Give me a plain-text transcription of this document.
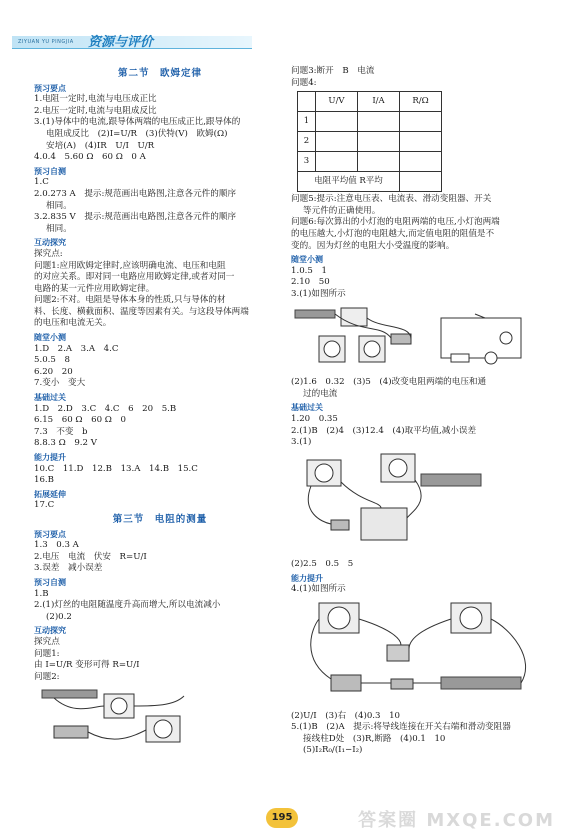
ZIYUAN YU PINGJIA 资源与评价
第二节　欧姆定律
预习要点
1.电阻一定时,电流与电压成正比
2.电压一定时,电流与电阻成反比
3.(1)导体中的电流,跟导体两端的电压成正比,跟导体的
电阻成反比　(2)I=U/R　(3)伏特(V)　欧姆(Ω)
安培(A)　(4)IR　U/I　U/R
4.0.4　5.60 Ω　60 Ω　0 A
预习自测
1.C
2.0.273 A　提示:规范画出电路图,注意各元件的顺序
相同。
3.2.835 V　提示:规范画出电路图,注意各元件的顺序
相同。
互动探究
探究点:
问题1:应用欧姆定律时,应该明确电流、电压和电阻
的对应关系。即对同一电路应用欧姆定律,或者对同一
电路的某一元件应用欧姆定律。
问题2:不对。电阻是导体本身的性质,只与导体的材
料、长度、横截面积、温度等因素有关。与这段导体两端
的电压和电流无关。
随堂小测
1.D　2.A　3.A　4.C
5.0.5　8
6.20　20
7.变小　变大
基础过关
1.D　2.D　3.C　4.C　6　20　5.B
6.15　60 Ω　60 Ω　0
7.3　不变　b
8.8.3 Ω　9.2 V
能力提升
10.C　11.D　12.B　13.A　14.B　15.C
16.B
拓展延伸
17.C
第三节　电阻的测量
预习要点
1.3　0.3 A
2.电压　电流　伏安　R=U/I
3.误差　减小误差
预习自测
1.B
2.(1)灯丝的电阻随温度升高而增大,所以电流减小
(2)0.2
互动探究
探究点
问题1:
由 I=U/R 变形可得 R=U/I
问题2:
问题3:断开　B　电流
问题4:
	U/V	I/A	R/Ω
1			
2			
3			
电阻平均值 R平均			
问题5:提示:注意电压表、电流表、滑动变阻器、开关
等元件的正确使用。
问题6:每次算出的小灯泡的电阻两端的电压,小灯泡两端
的电压越大,小灯泡的电阻越大,而定值电阻的阻值是不
变的。因为灯丝的电阻大小受温度的影响。
随堂小测
1.0.5　1
2.10　50
3.(1)如图所示
(2)1.6　0.32　(3)5　(4)改变电阻两端的电压和通
过的电流
基础过关
1.20　0.35
2.(1)B　(2)4　(3)12.4　(4)取平均值,减小误差
3.(1)
(2)2.5　0.5　5
能力提升
4.(1)如图所示
(2)U/I　(3)右　(4)0.3　10
5.(1)B　(2)A　提示:将导线连接在开关右端和滑动变阻器
接线柱D处　(3)R,断路　(4)0.1　10
(5)I₂R₀/(I₁−I₂)
195	答案圈 MXQE.COM
